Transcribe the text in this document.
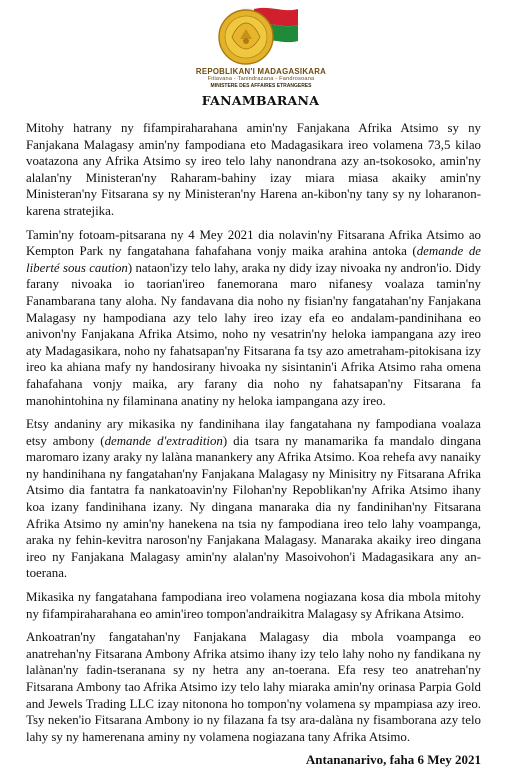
REPOBLIKAN'I MADAGASIKARA
Fitiavana - Tanindrazana - Fandrosoana
MINISTERE DES AFFAIRES ETRANGERES
FANAMBARANA

Mitohy hatrany ny fifampiraharahana amin'ny Fanjakana Afrika Atsimo sy ny Fanjakana Malagasy amin'ny fampodiana eto Madagasikara ireo volamena 73,5 kilao voatazona any Afrika Atsimo sy ireo telo lahy nanondrana azy an-tsokosoko, amin'ny alalan'ny Ministeran'ny Raharam-bahiny izay miara miasa akaiky amin'ny Ministeran'ny Fitsarana sy ny Ministeran'ny Harena an-kibon'ny tany sy ny loharanon-karena stratejika.

Tamin'ny fotoam-pitsarana ny 4 Mey 2021 dia nolavin'ny Fitsarana Afrika Atsimo ao Kempton Park ny fangatahana fahafahana vonjy maika arahina antoka (demande de liberté sous caution) nataon'izy telo lahy, araka ny didy izay nivoaka ny andron'io. Didy farany nivoaka io taorian'ireo fanemorana maro nifanesy voalaza tamin'ny Fanambarana tany aloha. Ny fandavana dia noho ny fisian'ny fangatahan'ny Fanjakana Malagasy ny hampodiana azy telo lahy ireo izay efa eo andalam-pandinihana eo anivon'ny Fanjakana Afrika Atsimo, noho ny vesatrin'ny heloka iampangana azy ireo aty Madagasikara, noho ny fahatsapan'ny Fitsarana fa tsy azo ametraham-pitokisana izy ireo ka ahiana mafy ny handosirany hivoaka ny sisintanin'i Afrika Atsimo raha omena fahafahana vonjy maika, ary farany dia noho ny fahatsapan'ny Fitsarana fa manohintohina ny filaminana anatiny ny heloka iampangana azy ireo.

Etsy andaniny ary mikasika ny fandinihana ilay fangatahana ny fampodiana voalaza etsy ambony (demande d'extradition) dia tsara ny manamarika fa mandalo dingana maromaro izany araky ny lalàna manankery any Afrika Atsimo. Koa rehefa avy nanaiky ny handinihana ny fangatahan'ny Fanjakana Malagasy ny Minisitry ny Fitsarana Afrika Atsimo dia fantatra fa nankatoavin'ny Filohan'ny Repoblikan'ny Afrika Atsimo ihany koa izany fandinihana izany. Ny dingana manaraka dia ny fandinihan'ny Fitsarana Afrika Atsimo ny amin'ny hanekena na tsia ny fampodiana ireo telo lahy voampanga, araka ny fehin-kevitra naroson'ny Fanjakana Malagasy. Manaraka akaiky ireo dingana ireo ny Fanjakana Malagasy amin'ny alalan'ny Masoivohon'i Madagasikara any an-toerana.

Mikasika ny fangatahana fampodiana ireo volamena nogiazana kosa dia mbola mitohy ny fifampiraharahana eo amin'ireo tompon'andraikitra Malagasy sy Afrikana Atsimo.

Ankoatran'ny fangatahan'ny Fanjakana Malagasy dia mbola voampanga eo anatrehan'ny Fitsarana Ambony Afrika atsimo ihany izy telo lahy noho ny fandikana ny lalànan'ny fadin-tseranana sy ny hetra any an-toerana. Efa resy teo anatrehan'ny Fitsarana Ambony tao Afrika Atsimo izy telo lahy miaraka amin'ny orinasa Parpia Gold and Jewels Trading LLC izay nitonona ho tompon'ny volamena sy mpampiasa azy ireo. Tsy neken'io Fitsarana Ambony io ny filazana fa tsy ara-dalàna ny fisamborana azy telo lahy sy ny hamerenana aminy ny volamena nogiazana tany Afrika Atsimo.

Antananarivo, faha 6 Mey 2021
